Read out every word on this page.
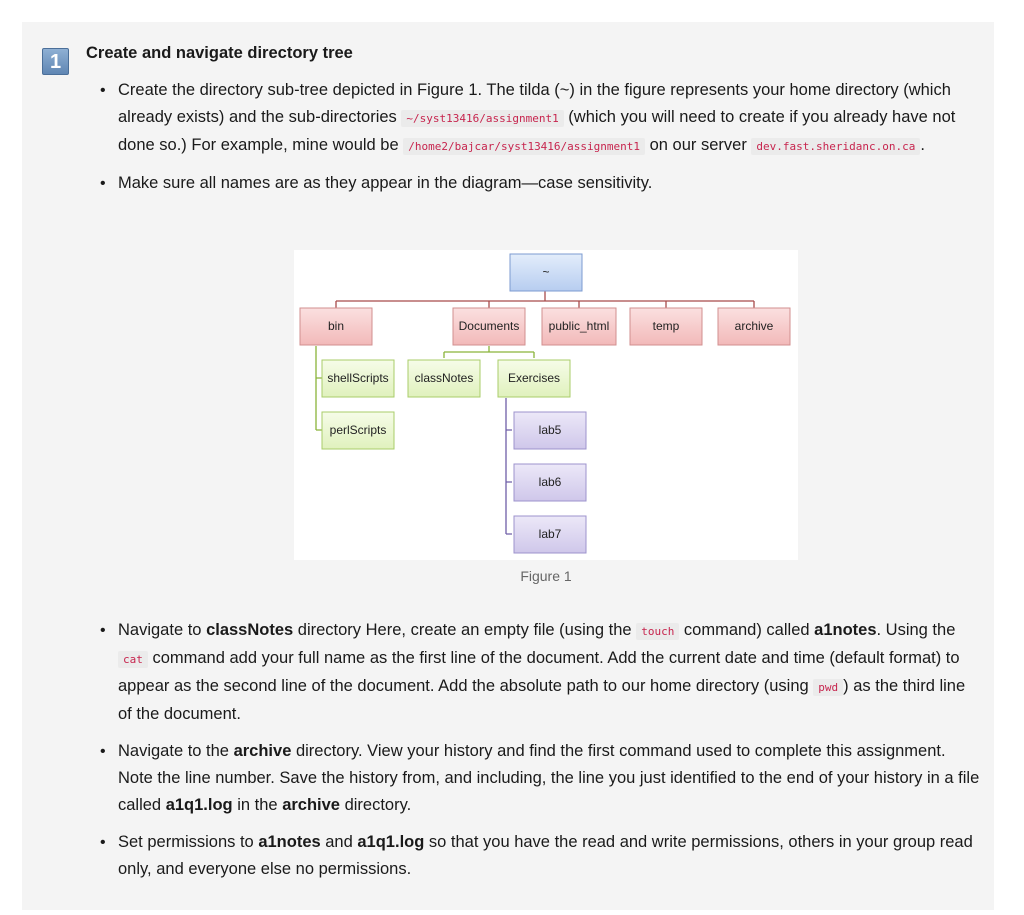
1	Create and navigate directory tree
• Create the directory sub-tree depicted in Figure 1. The tilda (~) in the figure represents your home directory (which already exists) and the sub-directories ~/syst13416/assignment1 (which you will need to create if you already have not done so.) For example, mine would be /home2/bajcar/syst13416/assignment1 on our server dev.fast.sheridanc.on.ca .
• Make sure all names are as they appear in the diagram—case sensitivity.
~
bin	Documents public_html	temp	archive
shellScripts
perlScripts
classNotes	Exercises
lab5
lab6
lab7
Figure 1
• Navigate to classNotes directory Here, create an empty file (using the touch command) called a1notes. Using the cat command add your full name as the first line of the document. Add the current date and time (default format) to appear as the second line of the document. Add the absolute path to our home directory (using pwd ) as the third line of the document.
• Navigate to the archive directory. View your history and find the first command used to complete this assignment. Note the line number. Save the history from, and including, the line you just identified to the end of your history in a file called a1q1.log in the archive directory.
• Set permissions to a1notes and a1q1.log so that you have the read and write permissions, others in your group read only, and everyone else no permissions.
